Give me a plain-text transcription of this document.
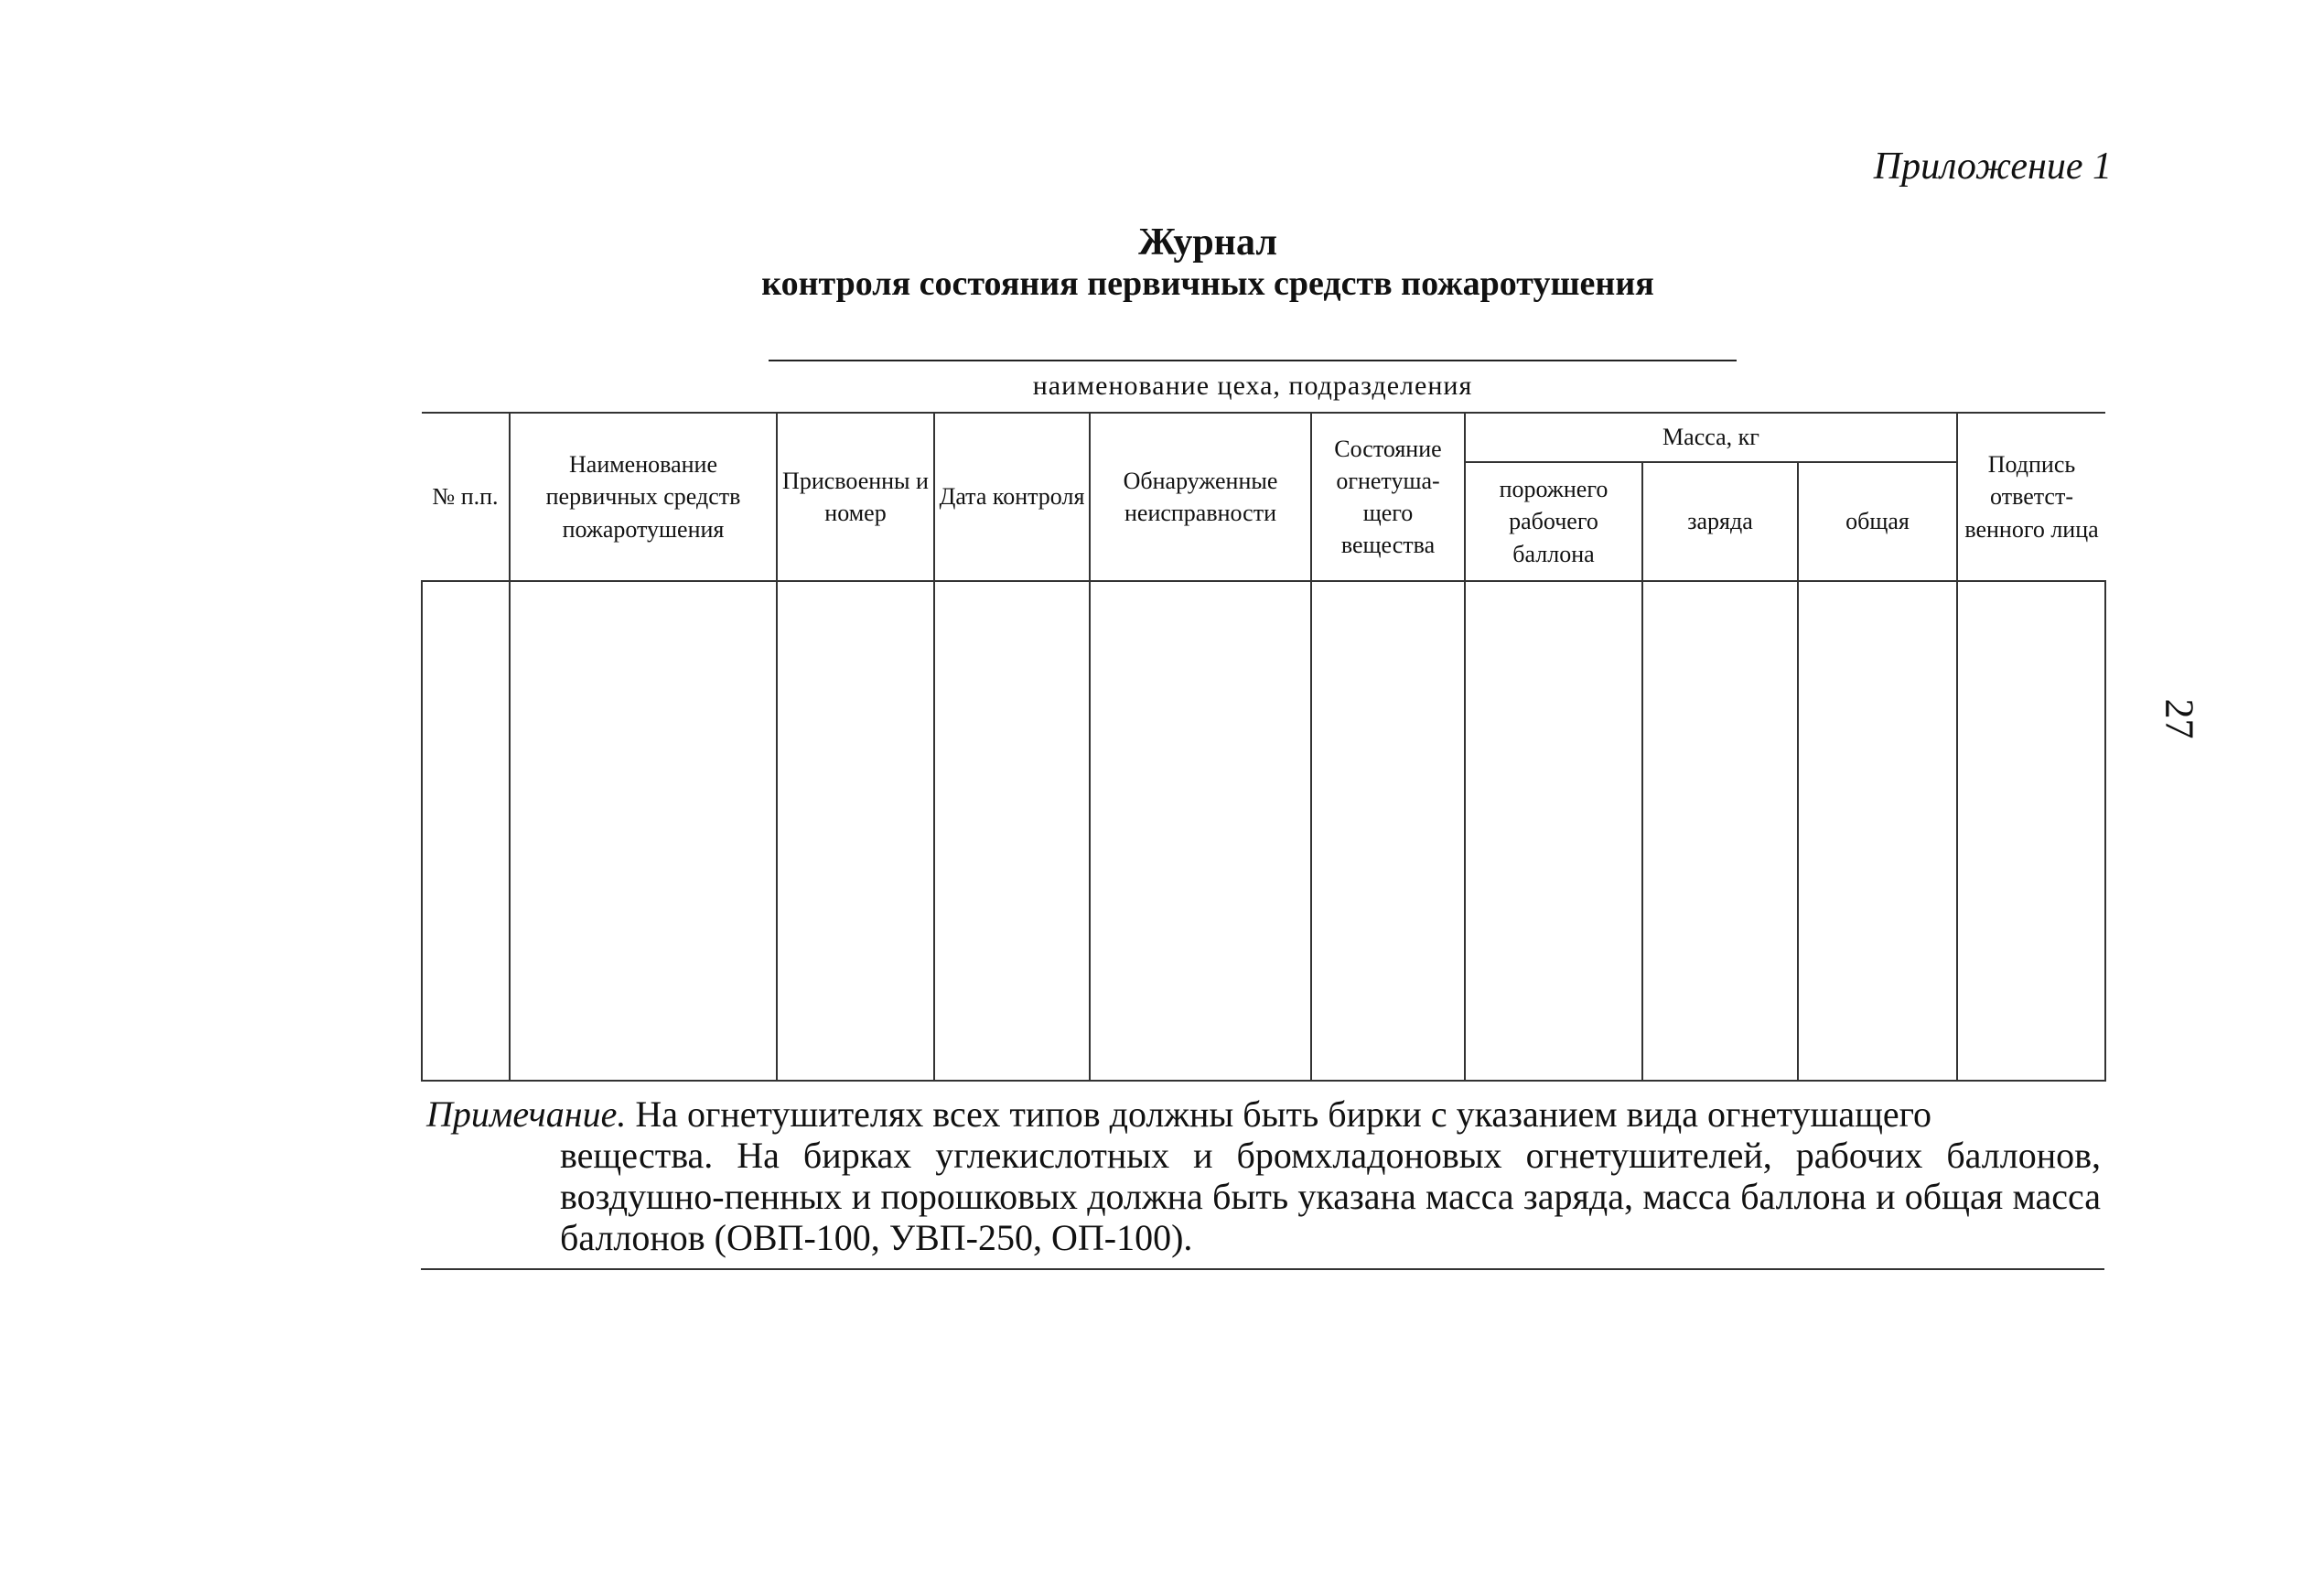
Приложение 1
Журнал
контроля состояния первичных средств пожаротушения
наименование цеха, подразделения
№ п.п.	Наименование первичных средств пожаротушения	Присвоенны и номер	Дата контроля	Обнаруженные неисправности	Состояние огнетуша-щего вещества	Масса, кг			Подпись ответст-венного лица
						порожнего рабочего баллона	заряда	общая	

Примечание. На огнетушителях всех типов должны быть бирки с указанием вида огнетушащего
вещества. На бирках углекислотных и бромхладоновых огнетушителей, рабочих баллонов, воздушно-пенных и порошковых должна быть указана масса заряда, масса баллона и общая масса баллонов (ОВП-100, УВП-250, ОП-100).
27
